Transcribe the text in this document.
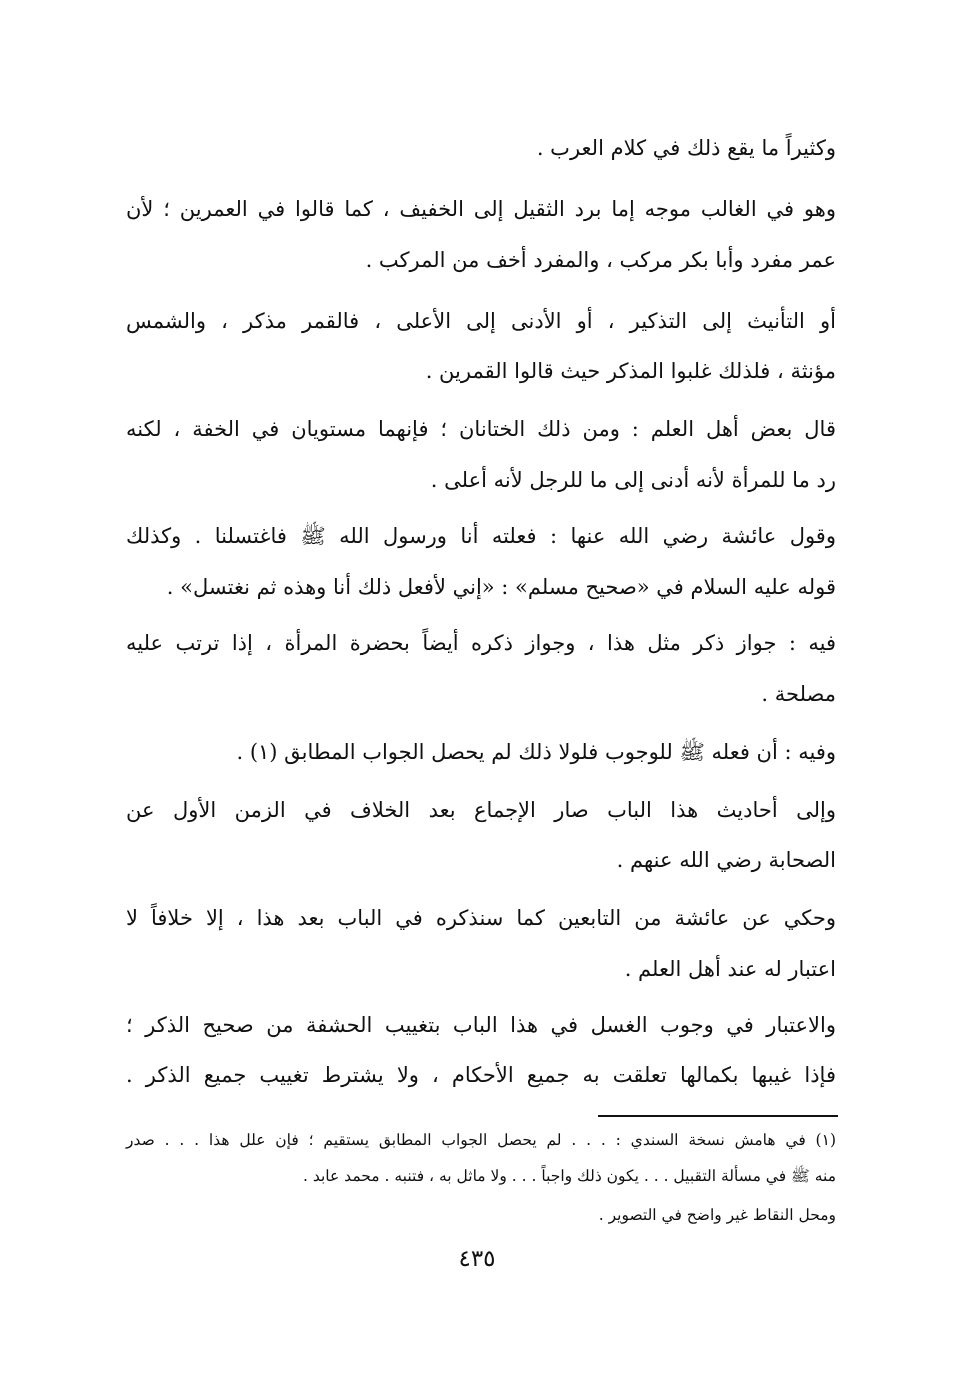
وكثيراً ما يقع ذلك في كلام العرب .
وهو في الغالب موجه إما برد الثقيل إلى الخفيف ، كما قالوا في العمرين ؛ لأن
عمر مفرد وأبا بكر مركب ، والمفرد أخف من المركب .
أو التأنيث إلى التذكير ، أو الأدنى إلى الأعلى ، فالقمر مذكر ، والشمس
مؤنثة ، فلذلك غلبوا المذكر حيث قالوا القمرين .
قال بعض أهل العلم : ومن ذلك الختانان ؛ فإنهما مستويان في الخفة ، لكنه
رد ما للمرأة لأنه أدنى إلى ما للرجل لأنه أعلى .
وقول عائشة رضي الله عنها : فعلته أنا ورسول الله ﷺ فاغتسلنا . وكذلك
قوله عليه السلام في «صحيح مسلم» : «إني لأفعل ذلك أنا وهذه ثم نغتسل» .
فيه : جواز ذكر مثل هذا ، وجواز ذكره أيضاً بحضرة المرأة ، إذا ترتب عليه
مصلحة .
وفيه : أن فعله ﷺ للوجوب فلولا ذلك لم يحصل الجواب المطابق (١) .
وإلى أحاديث هذا الباب صار الإجماع بعد الخلاف في الزمن الأول عن
الصحابة رضي الله عنهم .
وحكي عن عائشة من التابعين كما سنذكره في الباب بعد هذا ، إلا خلافاً لا
اعتبار له عند أهل العلم .
والاعتبار في وجوب الغسل في هذا الباب بتغييب الحشفة من صحيح الذكر ؛
فإذا غيبها بكمالها تعلقت به جميع الأحكام ، ولا يشترط تغييب جميع الذكر .
(١) في هامش نسخة السندي : . . . لم يحصل الجواب المطابق يستقيم ؛ فإن علل هذا . . . صدر
منه ﷺ في مسألة التقبيل . . . يكون ذلك واجباً . . . ولا ماثل به ، فتنبه . محمد عابد .
ومحل النقاط غير واضح في التصوير .
٤٣٥
